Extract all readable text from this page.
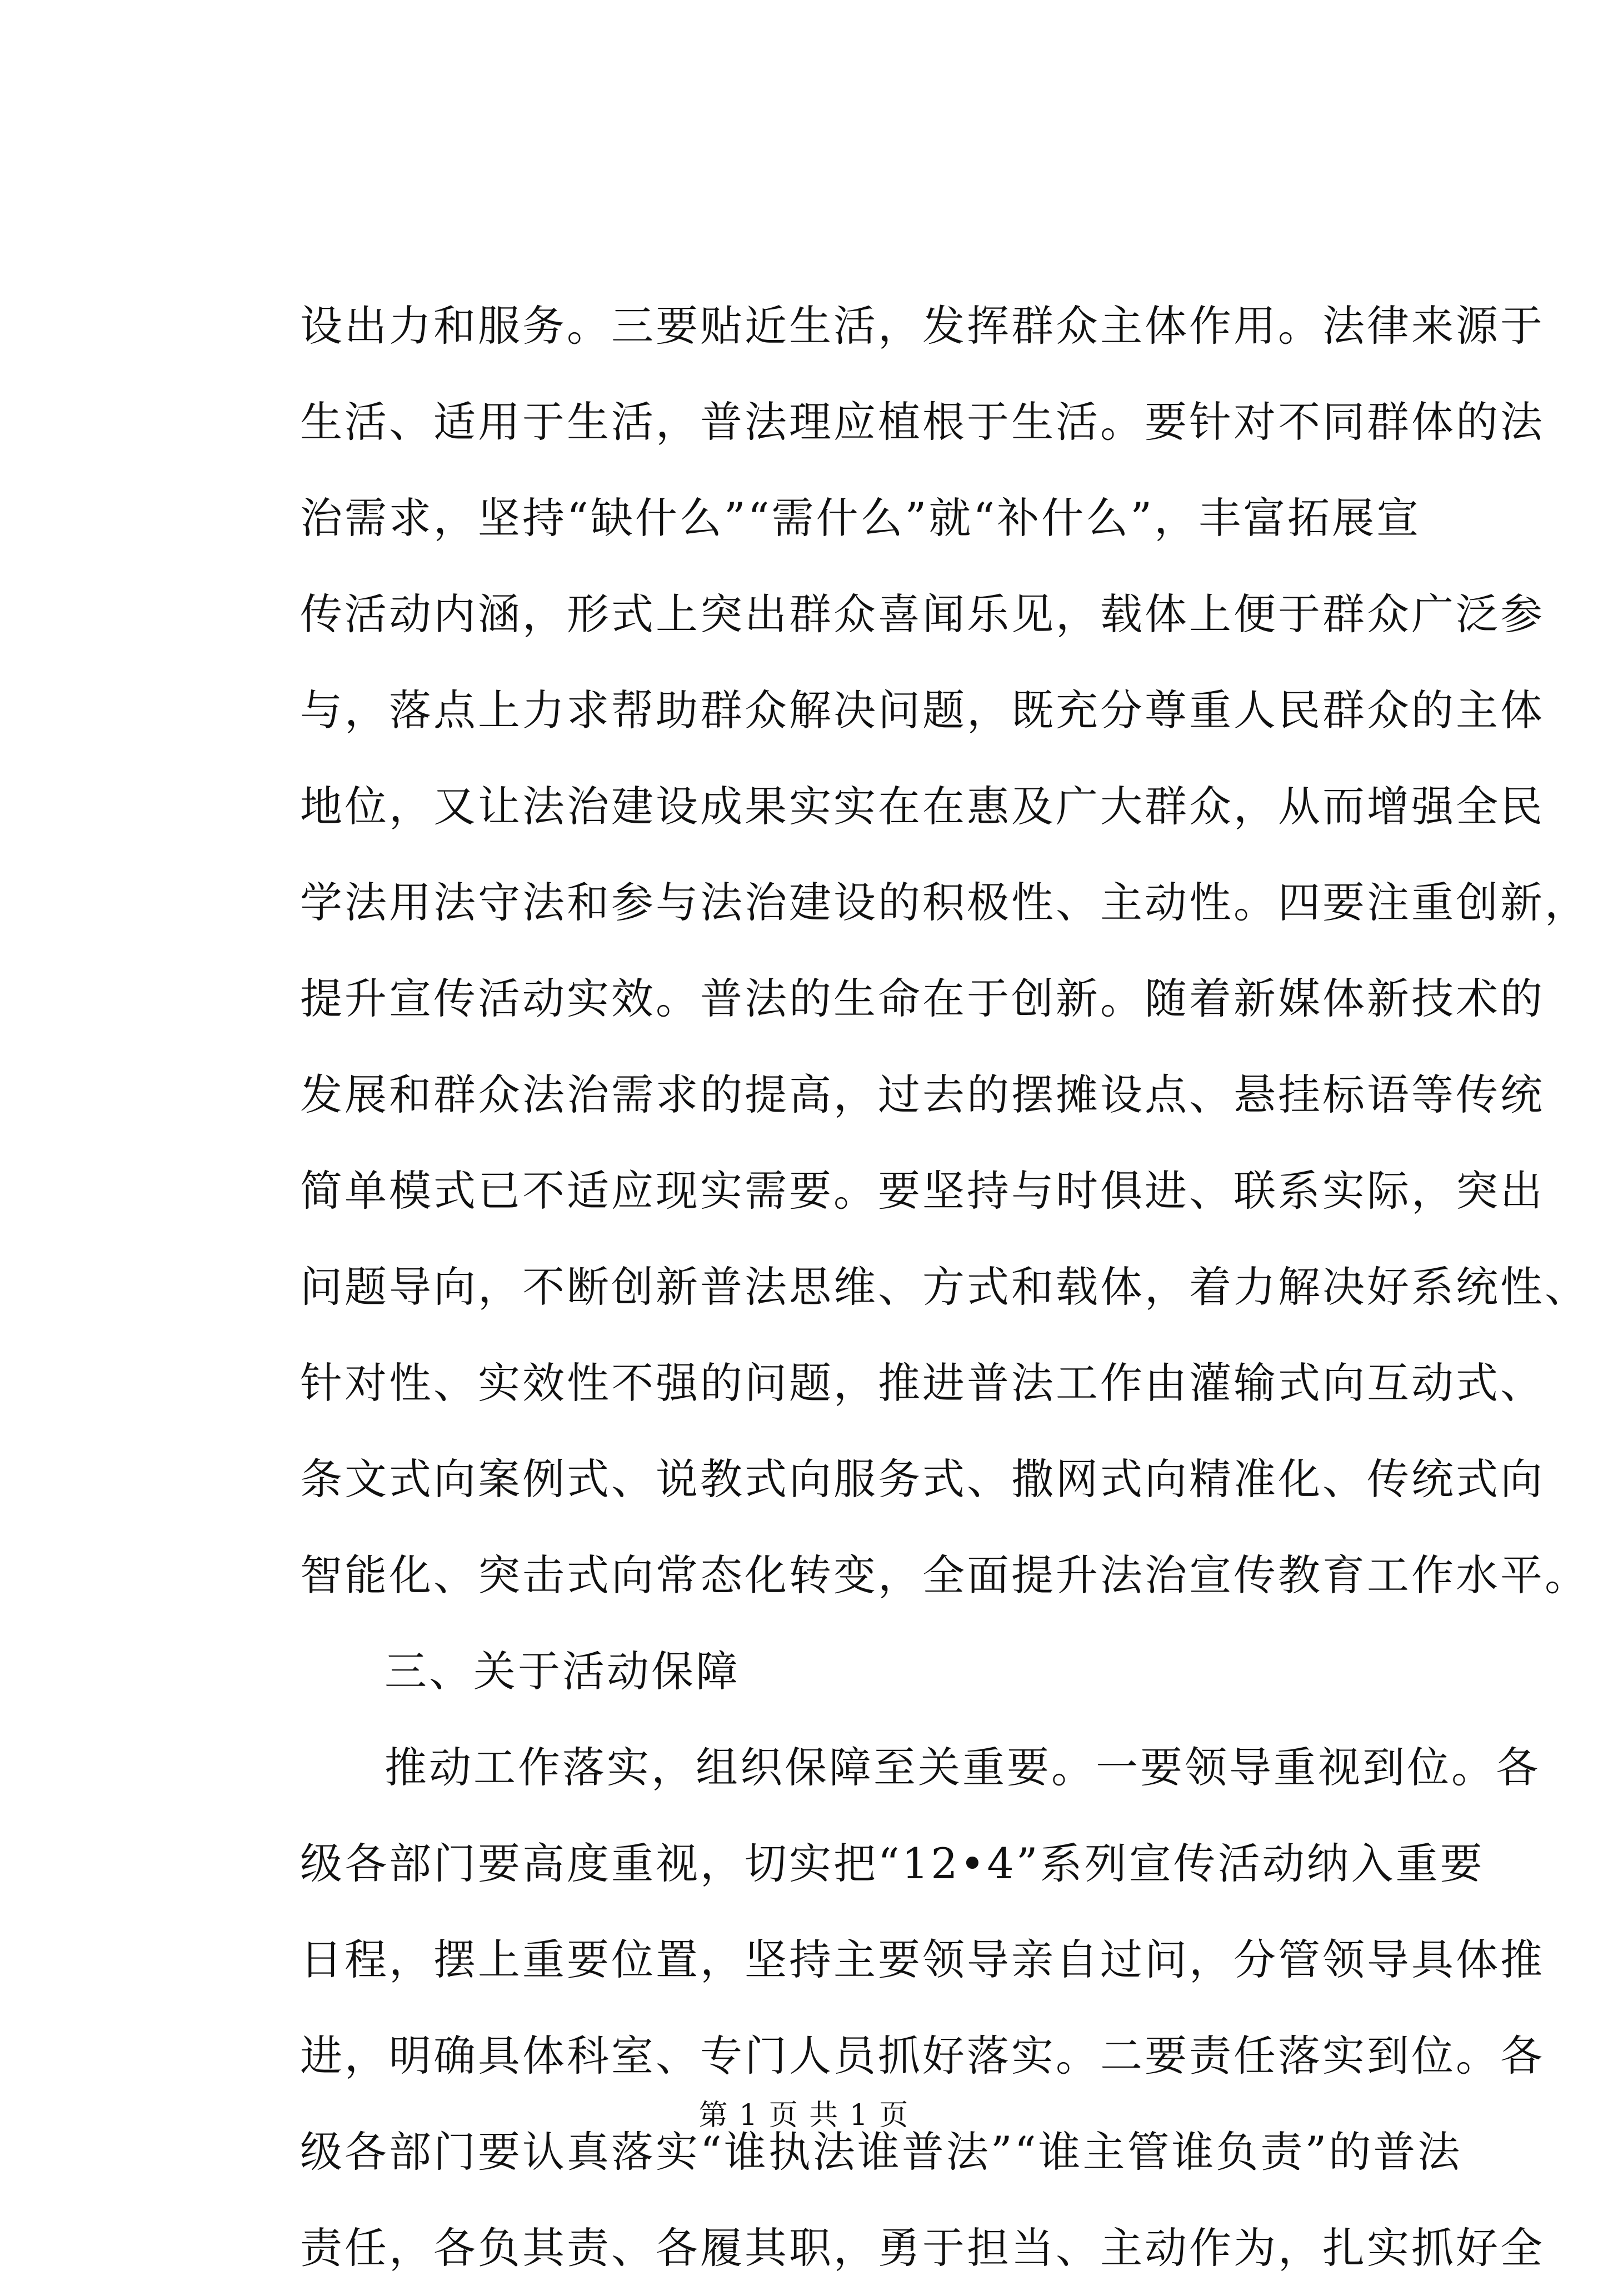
设出力和服务。三要贴近生活，发挥群众主体作用。法律来源于
生活、适用于生活，普法理应植根于生活。要针对不同群体的法
治需求，坚持“缺什么”“需什么”就“补什么”，丰富拓展宣
传活动内涵，形式上突出群众喜闻乐见，载体上便于群众广泛参
与，落点上力求帮助群众解决问题，既充分尊重人民群众的主体
地位，又让法治建设成果实实在在惠及广大群众，从而增强全民
学法用法守法和参与法治建设的积极性、主动性。四要注重创新，
提升宣传活动实效。普法的生命在于创新。随着新媒体新技术的
发展和群众法治需求的提高，过去的摆摊设点、悬挂标语等传统
简单模式已不适应现实需要。要坚持与时俱进、联系实际，突出
问题导向，不断创新普法思维、方式和载体，着力解决好系统性、
针对性、实效性不强的问题，推进普法工作由灌输式向互动式、
条文式向案例式、说教式向服务式、撒网式向精准化、传统式向
智能化、突击式向常态化转变，全面提升法治宣传教育工作水平。
三、关于活动保障
推动工作落实，组织保障至关重要。一要领导重视到位。各
级各部门要高度重视，切实把“12•4”系列宣传活动纳入重要
日程，摆上重要位置，坚持主要领导亲自过问，分管领导具体推
进，明确具体科室、专门人员抓好落实。二要责任落实到位。各
级各部门要认真落实“谁执法谁普法”“谁主管谁负责”的普法
责任，各负其责、各履其职，勇于担当、主动作为，扎实抓好全
第 1 页 共 1 页
